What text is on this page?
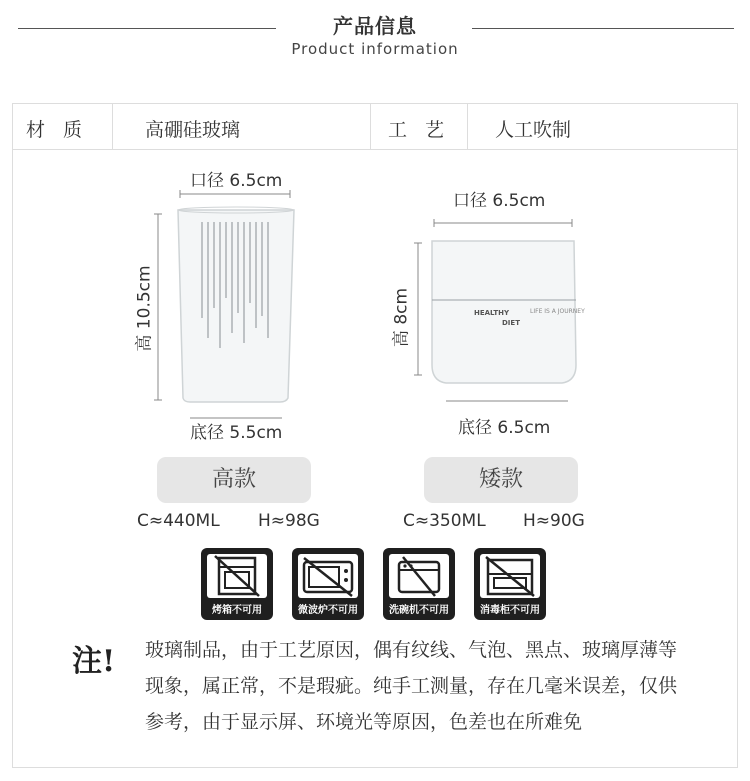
产品信息
Product information
材质 高硼硅玻璃	工艺 人工吹制
口径 6.5cm
高 10.5cm
底径 5.5cm
高款
C≈440ML H≈98G
口径 6.5cm
HEALTHY
DIET
LIFE IS A JOURNEY
高 8cm
底径 6.5cm
矮款
C≈350ML H≈90G
烤箱不可用	微波炉不可用	洗碗机不可用	消毒柜不可用
注! 玻璃制品，由于工艺原因，偶有纹线、气泡、黑点、玻璃厚薄等现象，属正常，不是瑕疵。纯手工测量，存在几毫米误差，仅供参考，由于显示屏、环境光等原因，色差也在所难免
